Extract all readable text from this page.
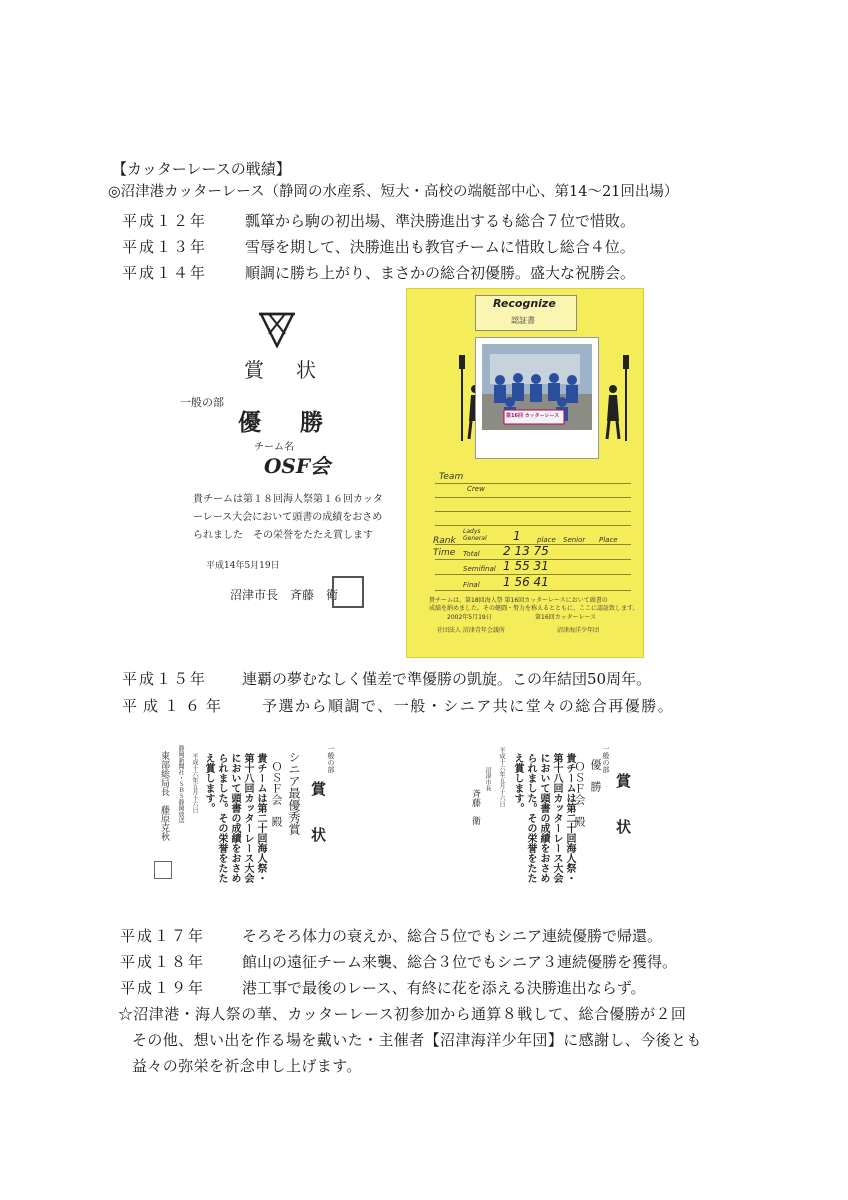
【カッターレースの戦績】
◎沼津港カッターレース（静岡の水産系、短大・高校の端艇部中心、第14〜21回出場）
平成１２年	瓢箪から駒の初出場、準決勝進出するも総合７位で惜敗。
平成１３年	雪辱を期して、決勝進出も教官チームに惜敗し総合４位。
平成１４年	順調に勝ち上がり、まさかの総合初優勝。盛大な祝勝会。
賞　状
一般の部
優　勝
チーム名
OSF会
貴チームは第１８回海人祭第１６回カッタ
ーレース大会において頭書の成績をおさめ
られました　その栄誉をたたえ賞します
平成14年5月19日
沼津市長　斉藤　衛
Recognize
認証書
第16回 カッターレース
Team
Crew
Ladys General	place Senior Place
Rank	1
Time Total 2 13 75
Semifinal 1 55 31
Final 1 56 41
貴チームは、第18回海人祭 第16回カッターレースにおいて頭書の
成績を納めました。その健闘・努力を称えるとともに、ここに認証致します。
2002年5月19日	第16回カッターレース
社団法人 沼津青年会議所	沼津海洋少年団
平成１５年 連覇の夢むなしく僅差で準優勝の凱旋。この年結団50周年。
平成１６年 予選から順調で、一般・シニア共に堂々の総合再優勝。
一般の部
賞　状
シニア最優秀賞
ＯＳＦ会　殿
貴チームは第二十回海人祭・第十八回カッターレース大会において頭書の成績をおさめられました。その栄誉をたたえ賞します。
平成十六年五月十六日
静岡新聞社・ＳＢＳ静岡放送
東部総局長　藤原克秋	一般の部
優　勝 賞　状
ＯＳＦ会　殿
貴チームは第二十回海人祭・第十八回カッターレース大会において頭書の成績をおさめられました。その栄誉をたたえ賞します。
平成十六年五月十六日
沼津市長
斉藤　衛
平成１７年 そろそろ体力の衰えか、総合５位でもシニア連続優勝で帰還。
平成１８年 館山の遠征チーム来襲、総合３位でもシニア３連続優勝を獲得。
平成１９年 港工事で最後のレース、有終に花を添える決勝進出ならず。
☆沼津港・海人祭の華、カッターレース初参加から通算８戦して、総合優勝が２回
その他、想い出を作る場を戴いた・主催者【沼津海洋少年団】に感謝し、今後とも
益々の弥栄を祈念申し上げます。
